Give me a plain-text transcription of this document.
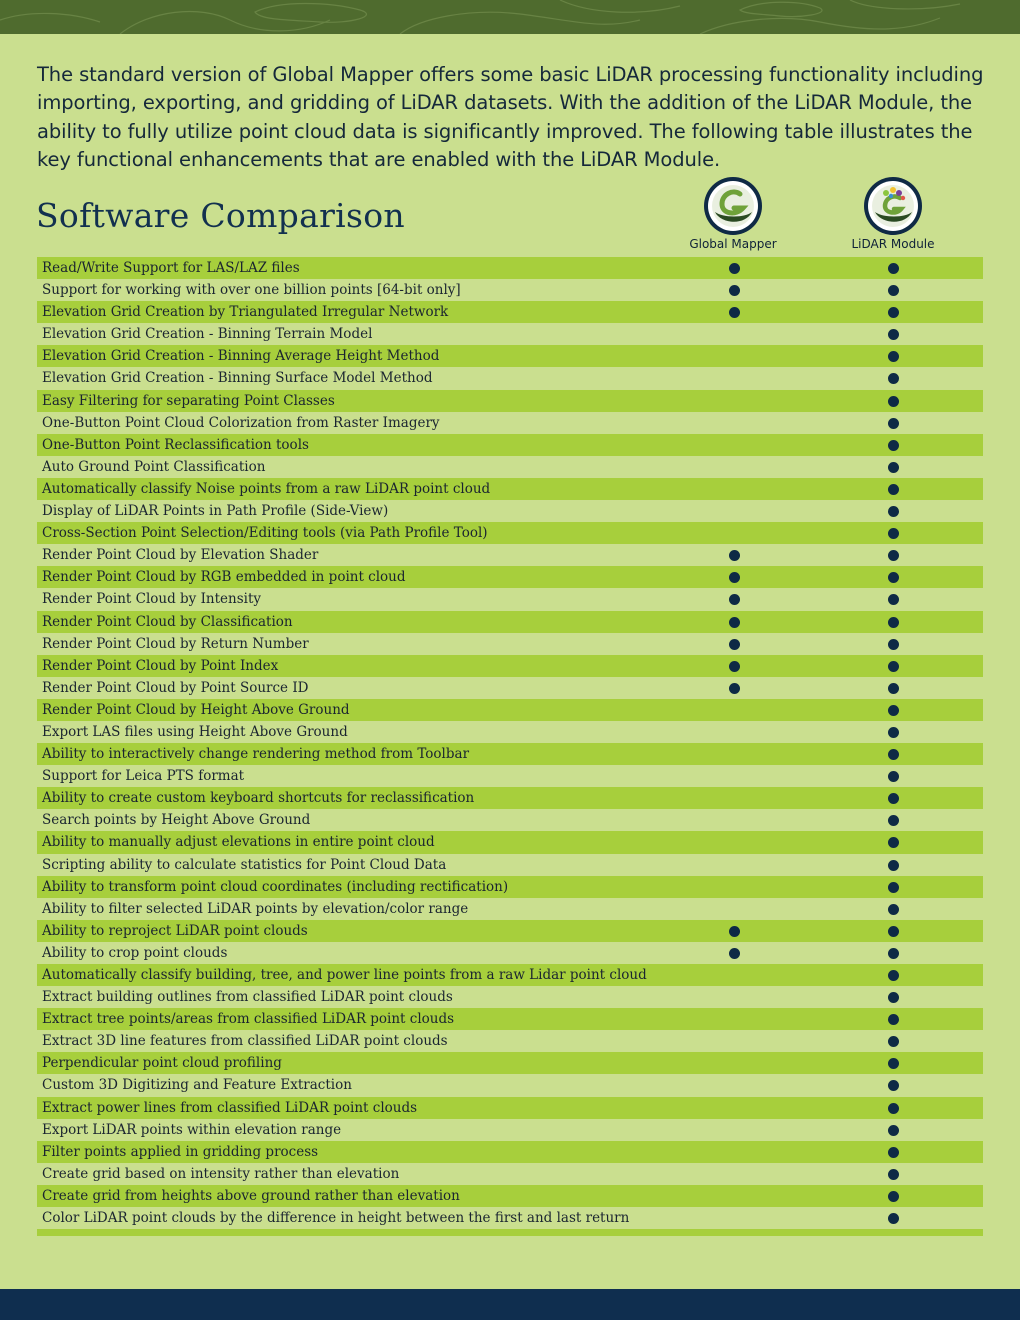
The standard version of Global Mapper offers some basic LiDAR processing functionality including importing, exporting, and gridding of LiDAR datasets. With the addition of the LiDAR Module, the ability to fully utilize point cloud data is significantly improved. The following table illustrates the key functional enhancements that are enabled with the LiDAR Module.

Software Comparison
Global Mapper	LiDAR Module
Read/Write Support for LAS/LAZ files
Support for working with over one billion points [64-bit only]
Elevation Grid Creation by Triangulated Irregular Network
Elevation Grid Creation - Binning Terrain Model
Elevation Grid Creation - Binning Average Height Method
Elevation Grid Creation - Binning Surface Model Method
Easy Filtering for separating Point Classes
One-Button Point Cloud Colorization from Raster Imagery
One-Button Point Reclassification tools
Auto Ground Point Classification
Automatically classify Noise points from a raw LiDAR point cloud
Display of LiDAR Points in Path Profile (Side-View)
Cross-Section Point Selection/Editing tools (via Path Profile Tool)
Render Point Cloud by Elevation Shader
Render Point Cloud by RGB embedded in point cloud
Render Point Cloud by Intensity
Render Point Cloud by Classification
Render Point Cloud by Return Number
Render Point Cloud by Point Index
Render Point Cloud by Point Source ID
Render Point Cloud by Height Above Ground
Export LAS files using Height Above Ground
Ability to interactively change rendering method from Toolbar
Support for Leica PTS format
Ability to create custom keyboard shortcuts for reclassification
Search points by Height Above Ground
Ability to manually adjust elevations in entire point cloud
Scripting ability to calculate statistics for Point Cloud Data
Ability to transform point cloud coordinates (including rectification)
Ability to filter selected LiDAR points by elevation/color range
Ability to reproject LiDAR point clouds
Ability to crop point clouds
Automatically classify building, tree, and power line points from a raw Lidar point cloud
Extract building outlines from classified LiDAR point clouds
Extract tree points/areas from classified LiDAR point clouds
Extract 3D line features from classified LiDAR point clouds
Perpendicular point cloud profiling
Custom 3D Digitizing and Feature Extraction
Extract power lines from classified LiDAR point clouds
Export LiDAR points within elevation range
Filter points applied in gridding process
Create grid based on intensity rather than elevation
Create grid from heights above ground rather than elevation
Color LiDAR point clouds by the difference in height between the first and last return
